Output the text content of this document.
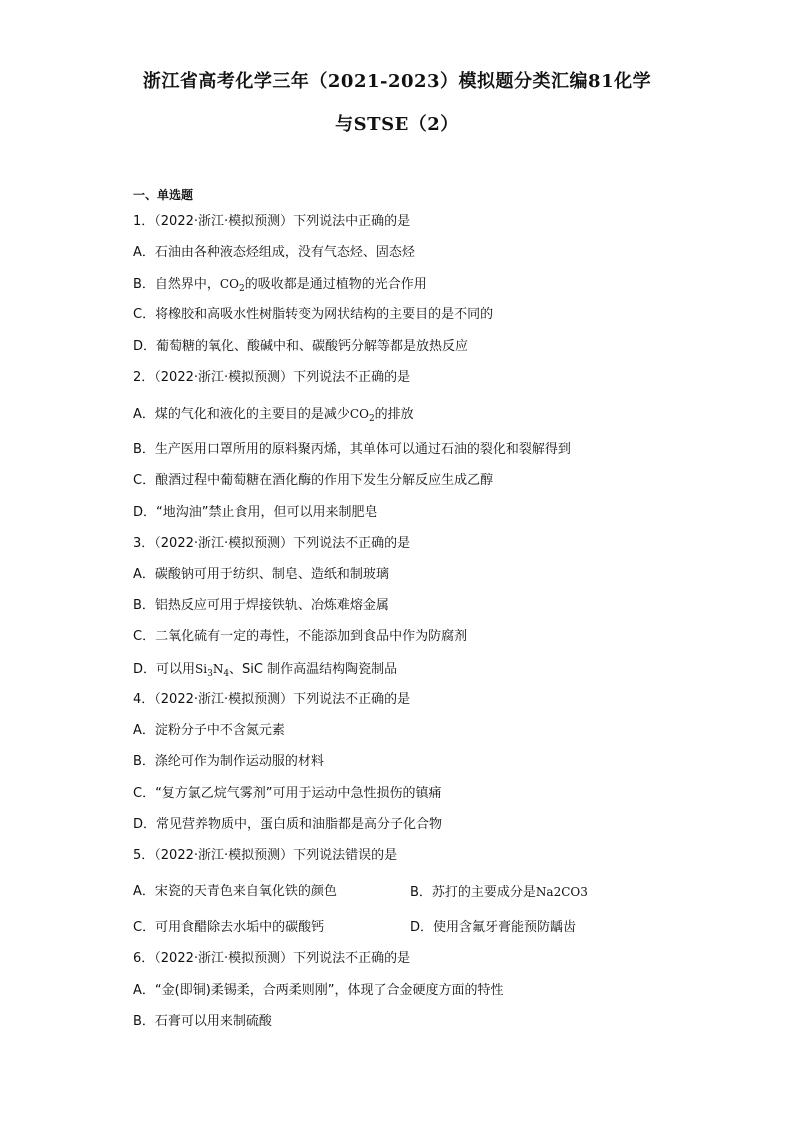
浙江省高考化学三年（2021-2023）模拟题分类汇编81化学
与STSE（2）
一、单选题
1．（2022·浙江·模拟预测）下列说法中正确的是
A．石油由各种液态烃组成，没有气态烃、固态烃
B．自然界中，$CO_2$的吸收都是通过植物的光合作用
C．将橡胶和高吸水性树脂转变为网状结构的主要目的是不同的
D．葡萄糖的氧化、酸碱中和、碳酸钙分解等都是放热反应
2．（2022·浙江·模拟预测）下列说法不正确的是
A．煤的气化和液化的主要目的是减少$CO_2$的排放
B．生产医用口罩所用的原料聚丙烯，其单体可以通过石油的裂化和裂解得到
C．酿酒过程中葡萄糖在酒化酶的作用下发生分解反应生成乙醇
D．“地沟油”禁止食用，但可以用来制肥皂
3．（2022·浙江·模拟预测）下列说法不正确的是
A．碳酸钠可用于纺织、制皂、造纸和制玻璃
B．铝热反应可用于焊接铁轨、冶炼难熔金属
C．二氧化硫有一定的毒性，不能添加到食品中作为防腐剂
D．可以用$Si_3N_4$、SiC 制作高温结构陶瓷制品
4．（2022·浙江·模拟预测）下列说法不正确的是
A．淀粉分子中不含氮元素
B．涤纶可作为制作运动服的材料
C．“复方氯乙烷气雾剂”可用于运动中急性损伤的镇痛
D．常见营养物质中，蛋白质和油脂都是高分子化合物
5．（2022·浙江·模拟预测）下列说法错误的是
A．宋瓷的天青色来自氧化铁的颜色	B．苏打的主要成分是Na2CO3
C．可用食醋除去水垢中的碳酸钙	D．使用含氟牙膏能预防龋齿
6．（2022·浙江·模拟预测）下列说法不正确的是
A．“金(即铜)柔锡柔，合两柔则刚”，体现了合金硬度方面的特性
B．石膏可以用来制硫酸
